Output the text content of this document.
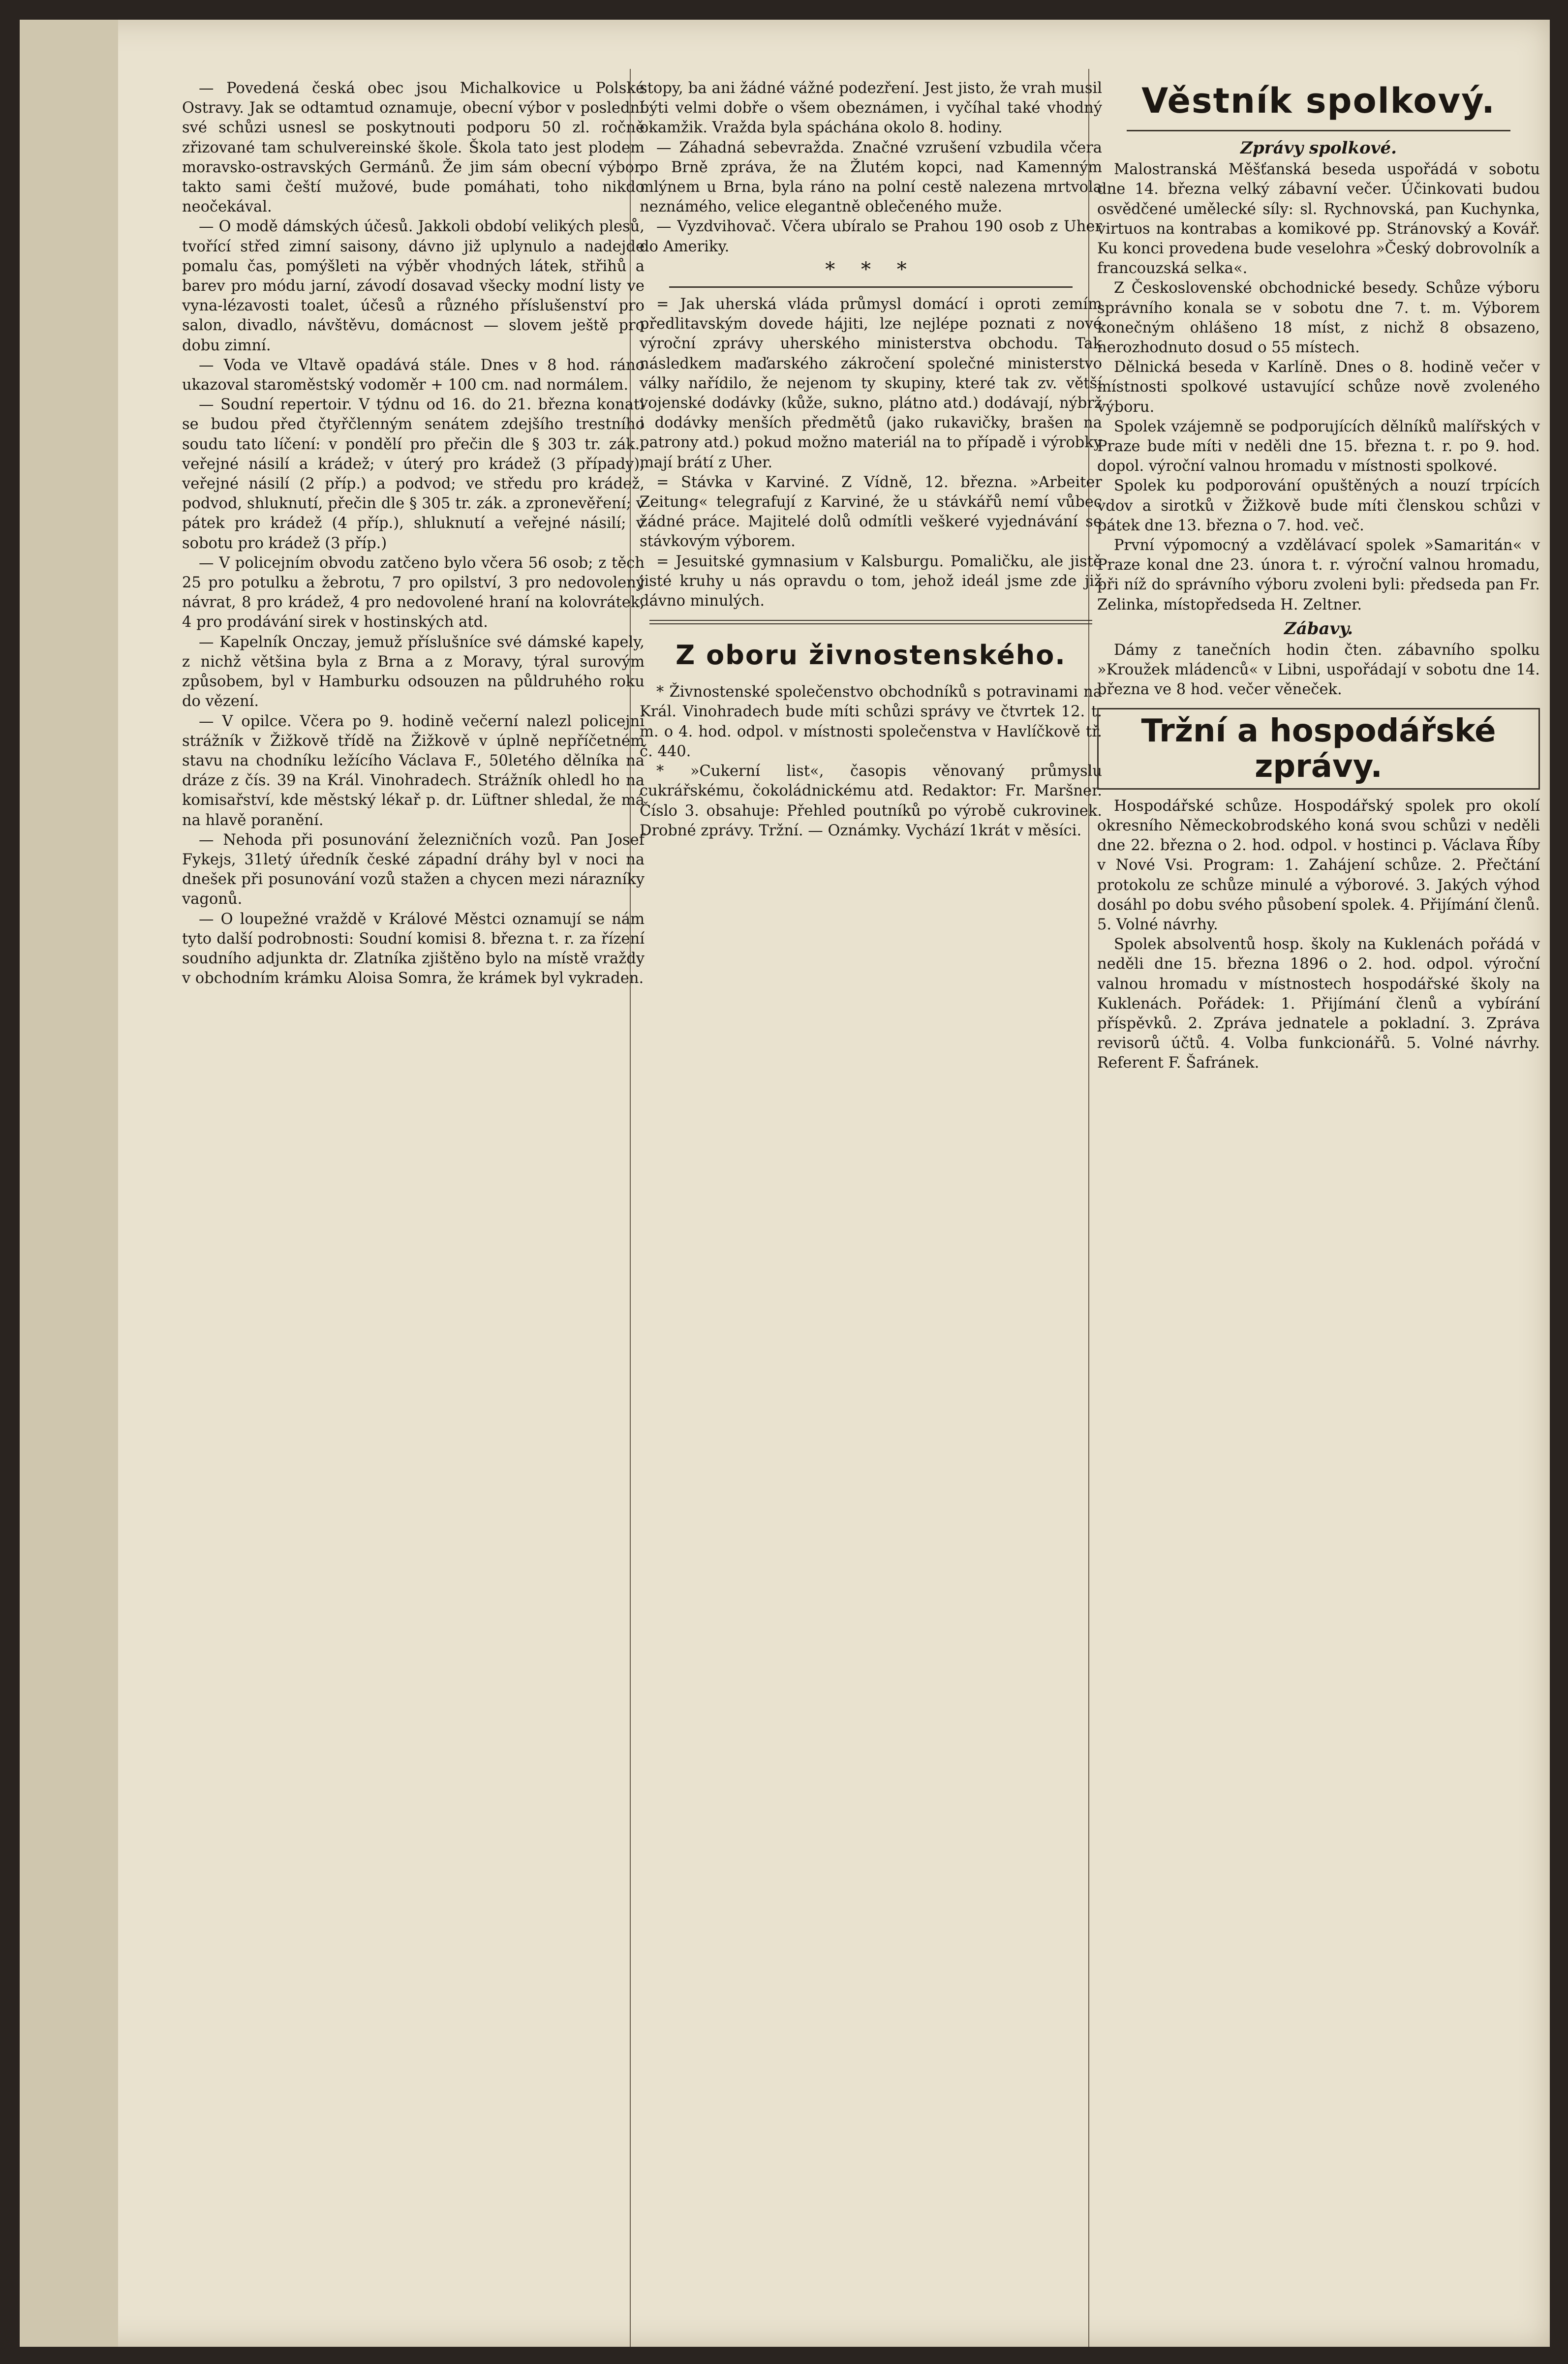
— Povedená česká obec jsou Michalkovice u Polské Ostravy. Jak se odtamtud oznamuje, obecní výbor v poslední své schůzi usnesl se poskytnouti podporu 50 zl. ročně zřizované tam schulvereinské škole. Škola tato jest plodem moravsko-ostravských Germánů. Že jim sám obecní výbor, takto sami čeští mužové, bude pomáhati, toho nikdo neočekával.

— O modě dámských účesů. Jakkoli období velikých plesů, tvořící střed zimní saisony, dávno již uplynulo a nadejde pomalu čas, pomýšleti na výběr vhodných látek, střihů a barev pro módu jarní, závodí dosavad všecky modní listy ve vyna-lézavosti toalet, účesů a různého příslušenství pro salon, divadlo, návštěvu, domácnost — slovem ještě pro dobu zimní.

— Voda ve Vltavě opadává stále. Dnes v 8 hod. ráno ukazoval staroměstský vodoměr + 100 cm. nad normálem.

— Soudní repertoir. V týdnu od 16. do 21. března konati se budou před čtyřčlenným senátem zdejšího trestního soudu tato líčení: v pondělí pro přečin dle § 303 tr. zák., veřejné násilí a krádež; v úterý pro krádež (3 případy), veřejné násilí (2 příp.) a podvod; ve středu pro krádež, podvod, shluknutí, přečin dle § 305 tr. zák. a zpronevěření; v pátek pro krádež (4 příp.), shluknutí a veřejné násilí; v sobotu pro krádež (3 příp.)

— V policejním obvodu zatčeno bylo včera 56 osob; z těch 25 pro potulku a žebrotu, 7 pro opilství, 3 pro nedovolený návrat, 8 pro krádež, 4 pro nedovolené hraní na kolovrátek, 4 pro prodávání sirek v hostinských atd.

— Kapelník Onczay, jemuž příslušníce své dámské kapely, z nichž většina byla z Brna a z Moravy, týral surovým způsobem, byl v Hamburku odsouzen na půldruhého roku do vězení.

— V opilce. Včera po 9. hodině večerní nalezl policejní strážník v Žižkově třídě na Žižkově v úplně nepříčetném stavu na chodníku ležícího Václava F., 50letého dělníka na dráze z čís. 39 na Král. Vinohradech. Strážník ohledl ho na komisařství, kde městský lékař p. dr. Lüftner shledal, že má na hlavě poranění.

— Nehoda při posunování železničních vozů. Pan Josef Fykejs, 31letý úředník české západní dráhy byl v noci na dnešek při posunování vozů stažen a chycen mezi nárazníky vagonů.

— O loupežné vraždě v Králové Městci oznamují se nám tyto další podrobnosti: Soudní komisi 8. března t. r. za řízení soudního adjunkta dr. Zlatníka zjištěno bylo na místě vraždy v obchodním krámku Aloisa Somra, že krámek byl vykraden.

stopy, ba ani žádné vážné podezření. Jest jisto, že vrah musil býti velmi dobře o všem obeznámen, i vyčíhal také vhodný okamžik. Vražda byla spáchána okolo 8. hodiny.

— Záhadná sebevražda. Značné vzrušení vzbudila včera po Brně zpráva, že na Žlutém kopci, nad Kamenným mlýnem u Brna, byla ráno na polní cestě nalezena mrtvola neznámého, velice elegantně oblečeného muže.

— Vyzdvihovač. Včera ubíralo se Prahou 190 osob z Uher do Ameriky.

* * *

= Jak uherská vláda průmysl domácí i oproti zemím předlitavským dovede hájiti, lze nejlépe poznati z nové výroční zprávy uherského ministerstva obchodu. Tak následkem maďarského zákročení společné ministerstvo války nařídilo, že nejenom ty skupiny, které tak zv. větší vojenské dodávky (kůže, sukno, plátno atd.) dodávají, nýbrž i dodávky menších předmětů (jako rukavičky, brašen na patrony atd.) pokud možno materiál na to případě i výrobky mají brátí z Uher.

= Stávka v Karviné. Z Vídně, 12. března. »Arbeiter Zeitung« telegrafují z Karviné, že u stávkářů nemí vůbec žádné práce. Majitelé dolů odmítli veškeré vyjednávání se stávkovým výborem.

= Jesuitské gymnasium v Kalsburgu. Pomaličku, ale jistě jisté kruhy u nás opravdu o tom, jehož ideál jsme zde již dávno minulých.

Z oboru živnostenského.

* Živnostenské společenstvo obchodníků s potravinami na Král. Vinohradech bude míti schůzi správy ve čtvrtek 12. t. m. o 4. hod. odpol. v místnosti společenstva v Havlíčkově tř. č. 440.

* »Cukerní list«, časopis věnovaný průmyslu cukrářskému, čokoládnickému atd. Redaktor: Fr. Maršner. Číslo 3. obsahuje: Přehled poutníků po výrobě cukrovinek. Drobné zprávy. Tržní. — Oznámky. Vychází 1krát v měsíci.

Věstník spolkový.
Zprávy spolkové.

Malostranská Měšťanská beseda uspořádá v sobotu dne 14. března velký zábavní večer. Účinkovati budou osvědčené umělecké síly: sl. Rychnovská, pan Kuchynka, virtuos na kontrabas a komikové pp. Stránovský a Kovář. Ku konci provedena bude veselohra »Český dobrovolník a francouzská selka«.

Z Československé obchodnické besedy. Schůze výboru správního konala se v sobotu dne 7. t. m. Výborem konečným ohlášeno 18 míst, z nichž 8 obsazeno, nerozhodnuto dosud o 55 místech.

Dělnická beseda v Karlíně. Dnes o 8. hodině večer v místnosti spolkové ustavující schůze nově zvoleného výboru.

Spolek vzájemně se podporujících dělníků malířských v Praze bude míti v neděli dne 15. března t. r. po 9. hod. dopol. výroční valnou hromadu v místnosti spolkové.

Spolek ku podporování opuštěných a nouzí trpících vdov a sirotků v Žižkově bude míti členskou schůzi v pátek dne 13. března o 7. hod. več.

První výpomocný a vzdělávací spolek »Samaritán« v Praze konal dne 23. února t. r. výroční valnou hromadu, při níž do správního výboru zvoleni byli: předseda pan Fr. Zelinka, místopředseda H. Zeltner.

Zábavy.

Dámy z tanečních hodin čten. zábavního spolku »Kroužek mládenců« v Libni, uspořádají v sobotu dne 14. března ve 8 hod. večer věneček.

Tržní a hospodářské zprávy.

Hospodářské schůze. Hospodářský spolek pro okolí okresního Německobrodského koná svou schůzi v neděli dne 22. března o 2. hod. odpol. v hostinci p. Václava Říby v Nové Vsi. Program: 1. Zahájení schůze. 2. Přečtání protokolu ze schůze minulé a výborové. 3. Jakých výhod dosáhl po dobu svého působení spolek. 4. Přijímání členů. 5. Volné návrhy.

Spolek absolventů hosp. školy na Kuklenách pořádá v neděli dne 15. března 1896 o 2. hod. odpol. výroční valnou hromadu v místnostech hospodářské školy na Kuklenách. Pořádek: 1. Přijímání členů a vybírání příspěvků. 2. Zpráva jednatele a pokladní. 3. Zpráva revisorů účtů. 4. Volba funkcionářů. 5. Volné návrhy. Referent F. Šafránek.
